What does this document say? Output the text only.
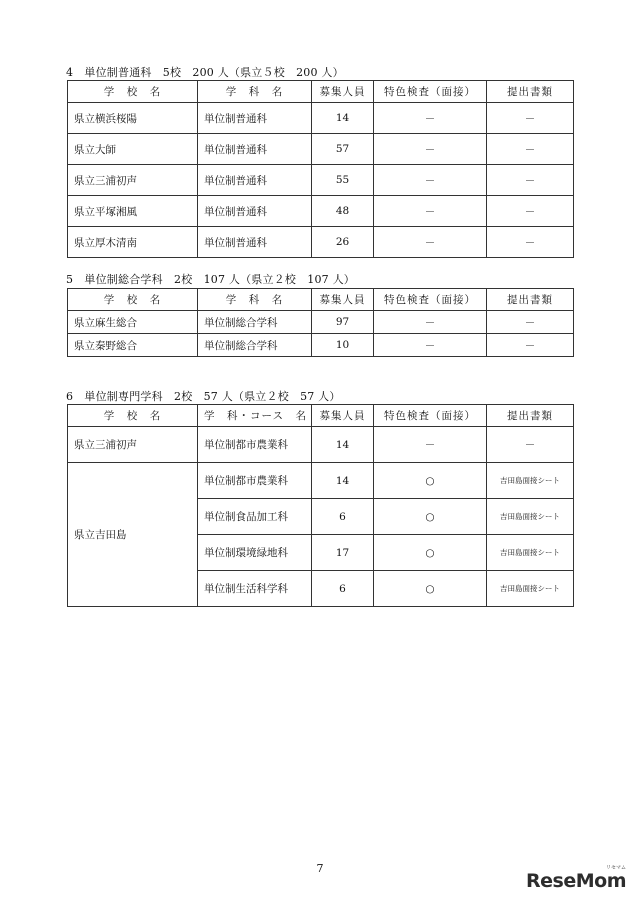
4　単位制普通科　5校　200 人（県立５校　200 人）
学　校　名	学　科　名	募集人員	特色検査（面接）	提出書類
県立横浜桜陽	単位制普通科	14	－	－
県立大師	単位制普通科	57	－	－
県立三浦初声	単位制普通科	55	－	－
県立平塚湘風	単位制普通科	48	－	－
県立厚木清南	単位制普通科	26	－	－
5　単位制総合学科　2校　107 人（県立２校　107 人）
学　校　名	学　科　名	募集人員	特色検査（面接）	提出書類
県立麻生総合	単位制総合学科	97	－	－
県立秦野総合	単位制総合学科	10	－	－
6　単位制専門学科　2校　57 人（県立２校　57 人）
学　校　名	学　科・コース　名	募集人員	特色検査（面接）	提出書類
県立三浦初声	単位制都市農業科	14	－	－
県立吉田島	単位制都市農業科	14	○	吉田島面接シート
	単位制食品加工科	6	○	吉田島面接シート
	単位制環境緑地科	17	○	吉田島面接シート
	単位制生活科学科	6	○	吉田島面接シート
7
ReseMom
リセマム
